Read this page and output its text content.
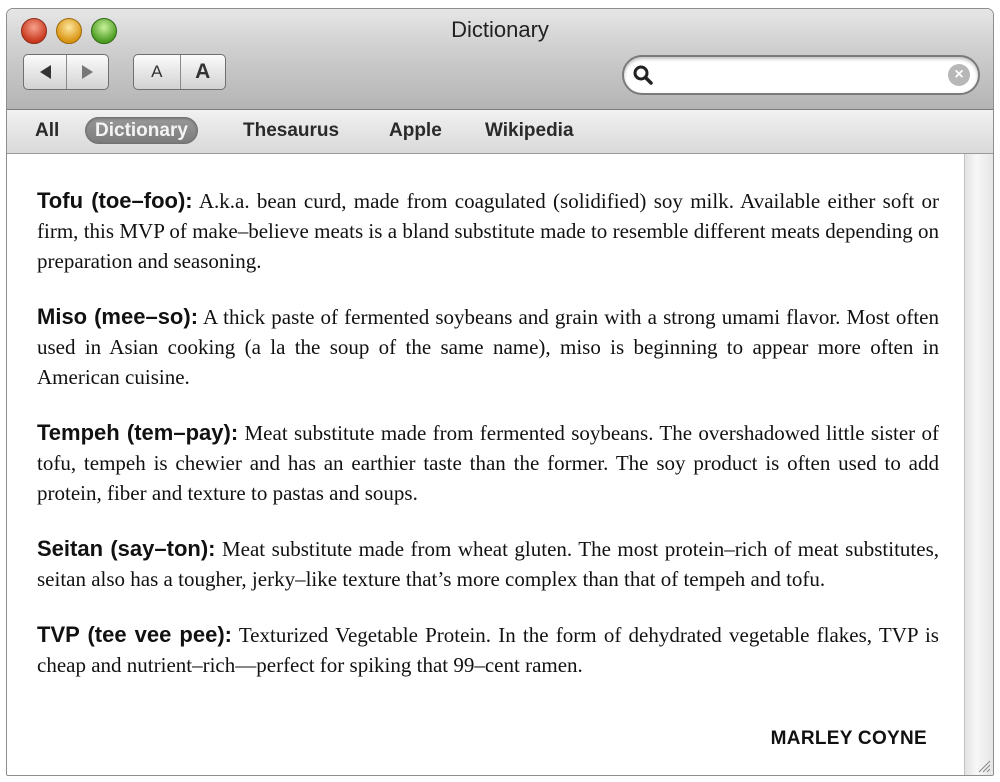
Dictionary
A	A	×
All	Dictionary	Thesaurus	Apple	Wikipedia

Tofu (toe–foo): A.k.a. bean curd, made from coagulated (solidified) soy milk. Available either soft or firm, this MVP of make–believe meats is a bland substitute made to resemble different meats depending on preparation and seasoning.

Miso (mee–so): A thick paste of fermented soybeans and grain with a strong umami flavor. Most often used in Asian cooking (a la the soup of the same name), miso is beginning to appear more often in American cuisine.

Tempeh (tem–pay): Meat substitute made from fermented soybeans. The overshadowed little sister of tofu, tempeh is chewier and has an earthier taste than the former. The soy product is often used to add protein, fiber and texture to pastas and soups.

Seitan (say–ton): Meat substitute made from wheat gluten. The most protein–rich of meat substitutes, seitan also has a tougher, jerky–like texture that’s more complex than that of tempeh and tofu.

TVP (tee vee pee): Texturized Vegetable Protein. In the form of dehydrated vegetable flakes, TVP is cheap and nutrient–rich—perfect for spiking that 99–cent ramen.

MARLEY COYNE
